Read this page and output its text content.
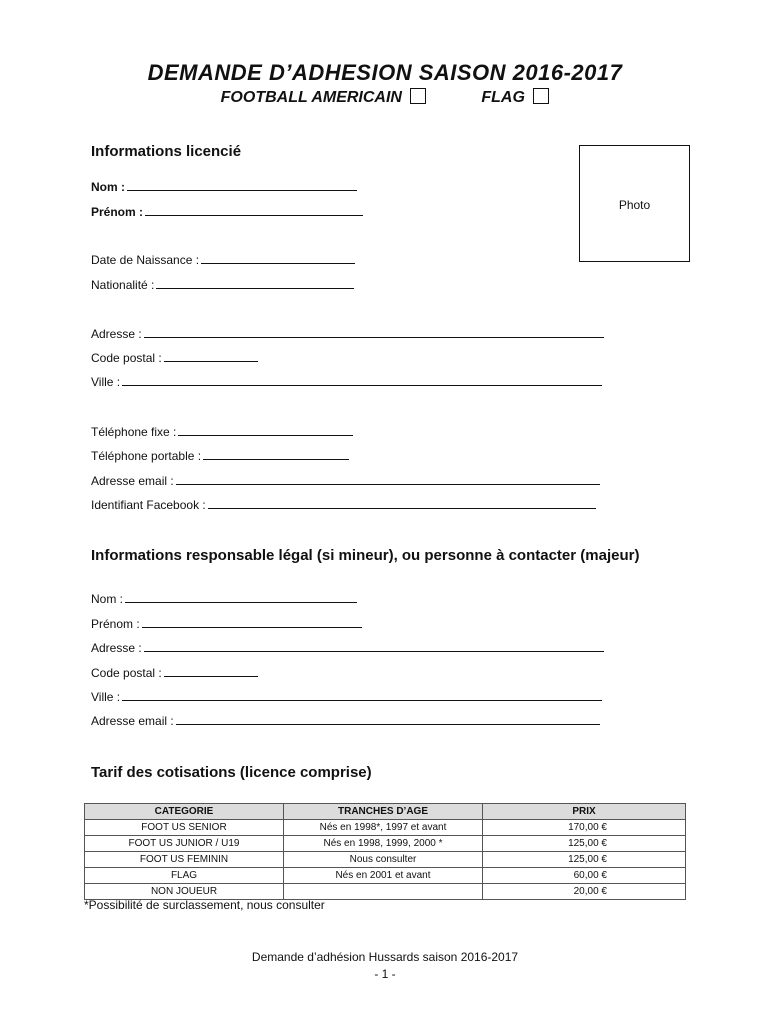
DEMANDE D’ADHESION SAISON 2016-2017
FOOTBALL AMERICAIN	FLAG
Informations licencié
Photo
Nom :
Prénom :
Date de Naissance :
Nationalité :
Adresse :
Code postal :
Ville :
Téléphone fixe :
Téléphone portable :
Adresse email :
Identifiant Facebook :
Informations responsable légal (si mineur), ou personne à contacter (majeur)
Nom :
Prénom :
Adresse :
Code postal :
Ville :
Adresse email :
Tarif des cotisations (licence comprise)
CATEGORIE	TRANCHES D’AGE	PRIX
FOOT US SENIOR	Nés en 1998*, 1997 et avant	170,00 €
FOOT US JUNIOR / U19	Nés en 1998, 1999, 2000 *	125,00 €
FOOT US FEMININ	Nous consulter	125,00 €
FLAG	Nés en 2001 et avant	60,00 €
NON JOUEUR		20,00 €
*Possibilité de surclassement, nous consulter
Demande d’adhésion Hussards saison 2016-2017
- 1 -
